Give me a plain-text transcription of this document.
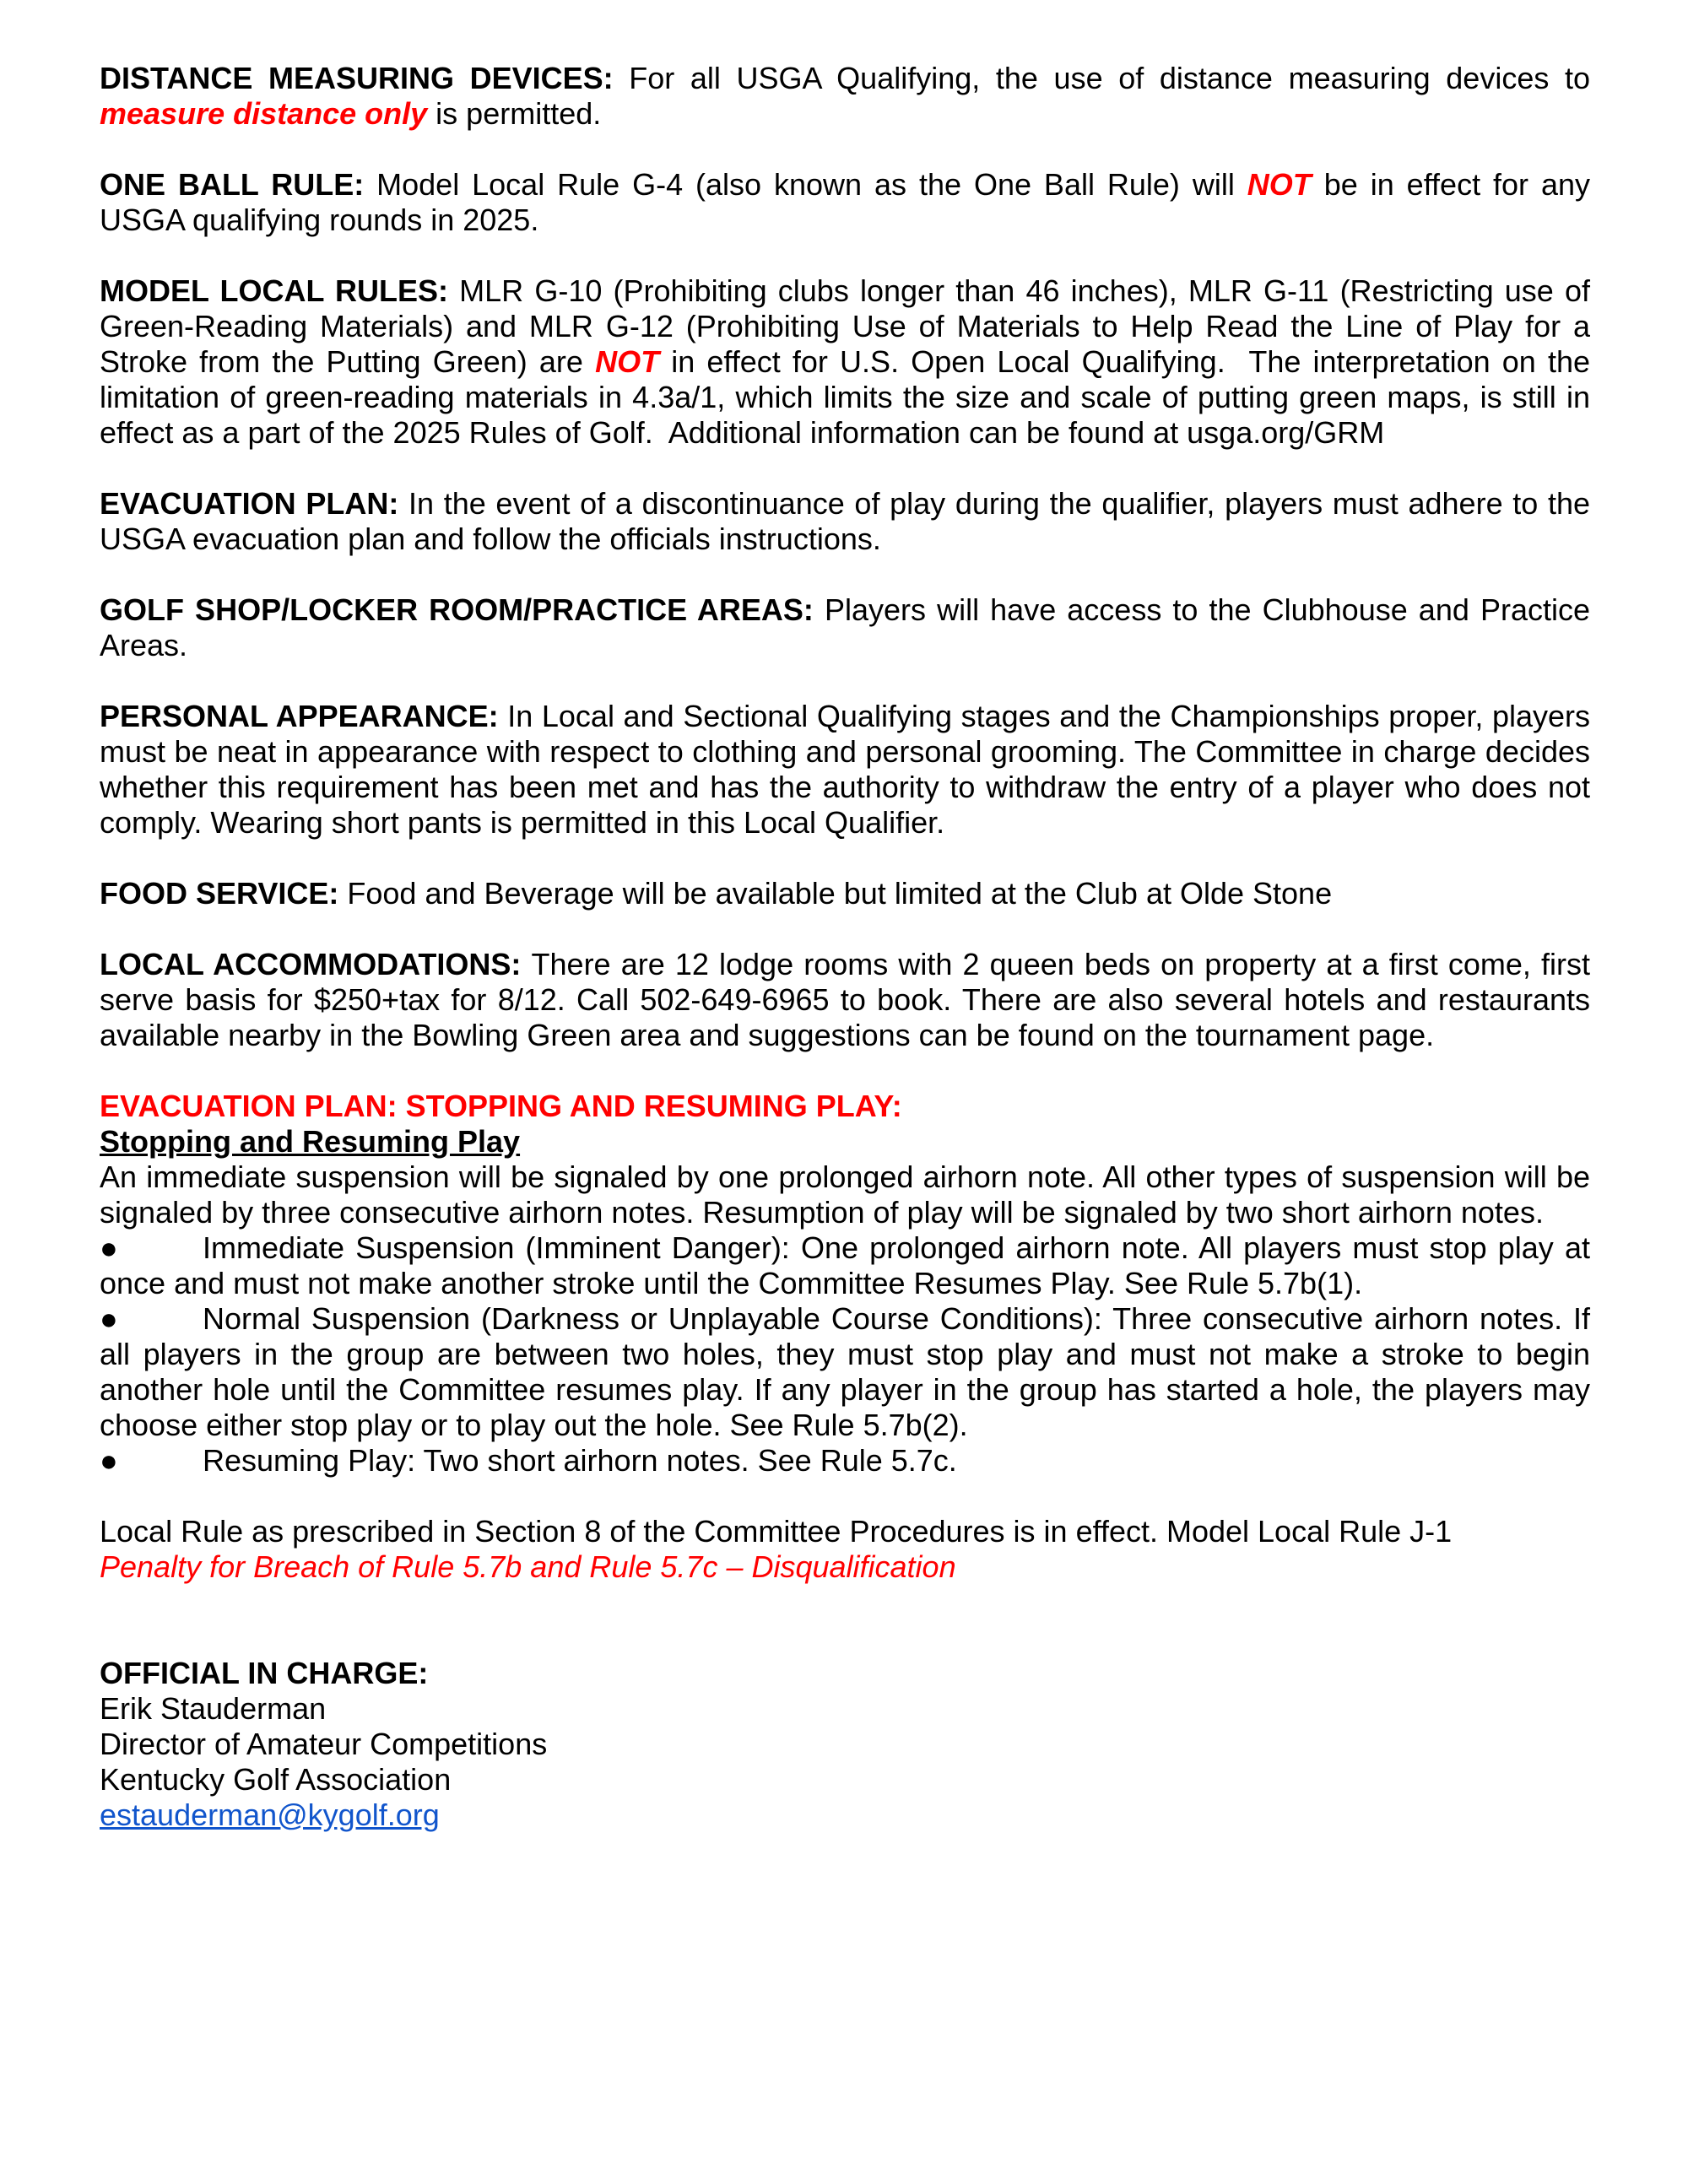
DISTANCE MEASURING DEVICES: For all USGA Qualifying, the use of distance measuring devices to measure distance only is permitted.

ONE BALL RULE: Model Local Rule G-4 (also known as the One Ball Rule) will NOT be in effect for any USGA qualifying rounds in 2025.

MODEL LOCAL RULES: MLR G-10 (Prohibiting clubs longer than 46 inches), MLR G-11 (Restricting use of Green-Reading Materials) and MLR G-12 (Prohibiting Use of Materials to Help Read the Line of Play for a Stroke from the Putting Green) are NOT in effect for U.S. Open Local Qualifying.  The interpretation on the limitation of green-reading materials in 4.3a/1, which limits the size and scale of putting green maps, is still in effect as a part of the 2025 Rules of Golf.  Additional information can be found at usga.org/GRM

EVACUATION PLAN: In the event of a discontinuance of play during the qualifier, players must adhere to the USGA evacuation plan and follow the officials instructions.

GOLF SHOP/LOCKER ROOM/PRACTICE AREAS: Players will have access to the Clubhouse and Practice Areas.

PERSONAL APPEARANCE: In Local and Sectional Qualifying stages and the Championships proper, players must be neat in appearance with respect to clothing and personal grooming. The Committee in charge decides whether this requirement has been met and has the authority to withdraw the entry of a player who does not comply. Wearing short pants is permitted in this Local Qualifier.

FOOD SERVICE: Food and Beverage will be available but limited at the Club at Olde Stone

LOCAL ACCOMMODATIONS: There are 12 lodge rooms with 2 queen beds on property at a first come, first serve basis for $250+tax for 8/12. Call 502-649-6965 to book. There are also several hotels and restaurants available nearby in the Bowling Green area and suggestions can be found on the tournament page.

EVACUATION PLAN: STOPPING AND RESUMING PLAY:

Stopping and Resuming Play

An immediate suspension will be signaled by one prolonged airhorn note. All other types of suspension will be signaled by three consecutive airhorn notes. Resumption of play will be signaled by two short airhorn notes.

●	Immediate Suspension (Imminent Danger): One prolonged airhorn note. All players must stop play at once and must not make another stroke until the Committee Resumes Play. See Rule 5.7b(1).

●	Normal Suspension (Darkness or Unplayable Course Conditions): Three consecutive airhorn notes. If all players in the group are between two holes, they must stop play and must not make a stroke to begin another hole until the Committee resumes play. If any player in the group has started a hole, the players may choose either stop play or to play out the hole. See Rule 5.7b(2).

●	Resuming Play: Two short airhorn notes. See Rule 5.7c.

Local Rule as prescribed in Section 8 of the Committee Procedures is in effect. Model Local Rule J-1

Penalty for Breach of Rule 5.7b and Rule 5.7c – Disqualification

OFFICIAL IN CHARGE:

Erik Stauderman

Director of Amateur Competitions

Kentucky Golf Association

estauderman@kygolf.org
